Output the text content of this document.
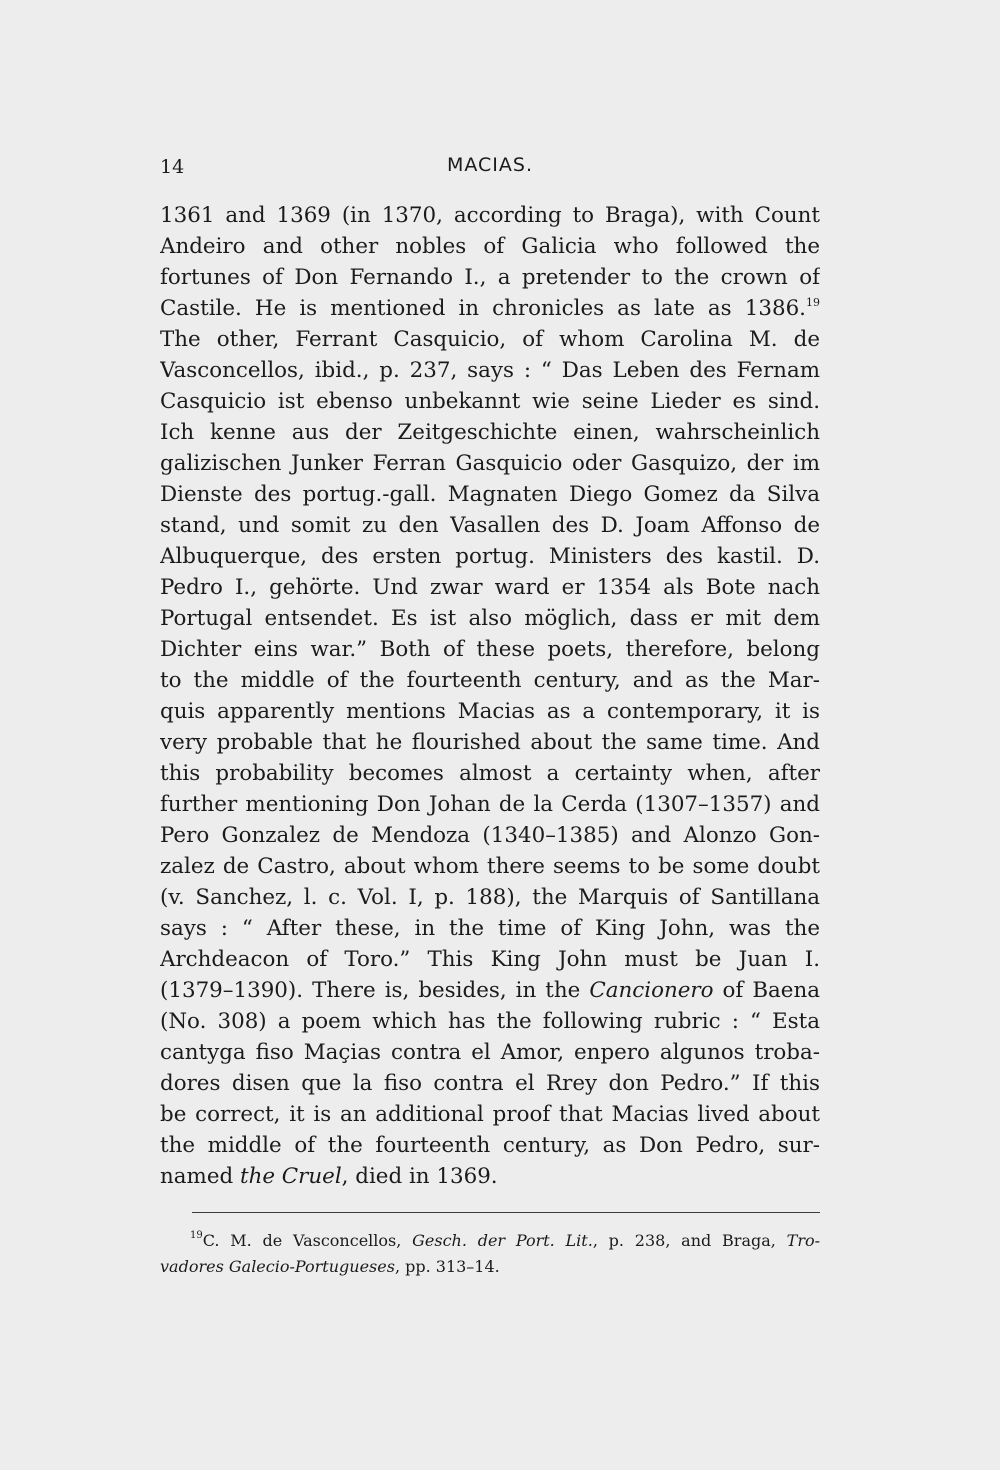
14	MACIAS.
1361 and 1369 (in 1370, according to Braga), with Count
Andeiro and other nobles of Galicia who followed the
fortunes of Don Fernando I., a pretender to the crown of
Castile. He is mentioned in chronicles as late as 1386.19
The other, Ferrant Casquicio, of whom Carolina M. de
Vasconcellos, ibid., p. 237, says : “ Das Leben des Fernam
Casquicio ist ebenso unbekannt wie seine Lieder es sind.
Ich kenne aus der Zeitgeschichte einen, wahrscheinlich
galizischen Junker Ferran Gasquicio oder Gasquizo, der im
Dienste des portug.-gall. Magnaten Diego Gomez da Silva
stand, und somit zu den Vasallen des D. Joam Affonso de
Albuquerque, des ersten portug. Ministers des kastil. D.
Pedro I., gehörte. Und zwar ward er 1354 als Bote nach
Portugal entsendet. Es ist also möglich, dass er mit dem
Dichter eins war.” Both of these poets, therefore, belong
to the middle of the fourteenth century, and as the Mar-
quis apparently mentions Macias as a contemporary, it is
very probable that he flourished about the same time. And
this probability becomes almost a certainty when, after
further mentioning Don Johan de la Cerda (1307–1357) and
Pero Gonzalez de Mendoza (1340–1385) and Alonzo Gon-
zalez de Castro, about whom there seems to be some doubt
(v. Sanchez, l. c. Vol. I, p. 188), the Marquis of Santillana
says : “ After these, in the time of King John, was the
Archdeacon of Toro.” This King John must be Juan I.
(1379–1390). There is, besides, in the Cancionero of Baena
(No. 308) a poem which has the following rubric : “ Esta
cantyga fiso Maçias contra el Amor, enpero algunos troba-
dores disen que la fiso contra el Rrey don Pedro.” If this
be correct, it is an additional proof that Macias lived about
the middle of the fourteenth century, as Don Pedro, sur-
named the Cruel, died in 1369.
$^{19}$C. M. de Vasconcellos, Gesch. der Port. Lit., p. 238, and Braga, Tro-
vadores Galecio-Portugueses, pp. 313–14.
